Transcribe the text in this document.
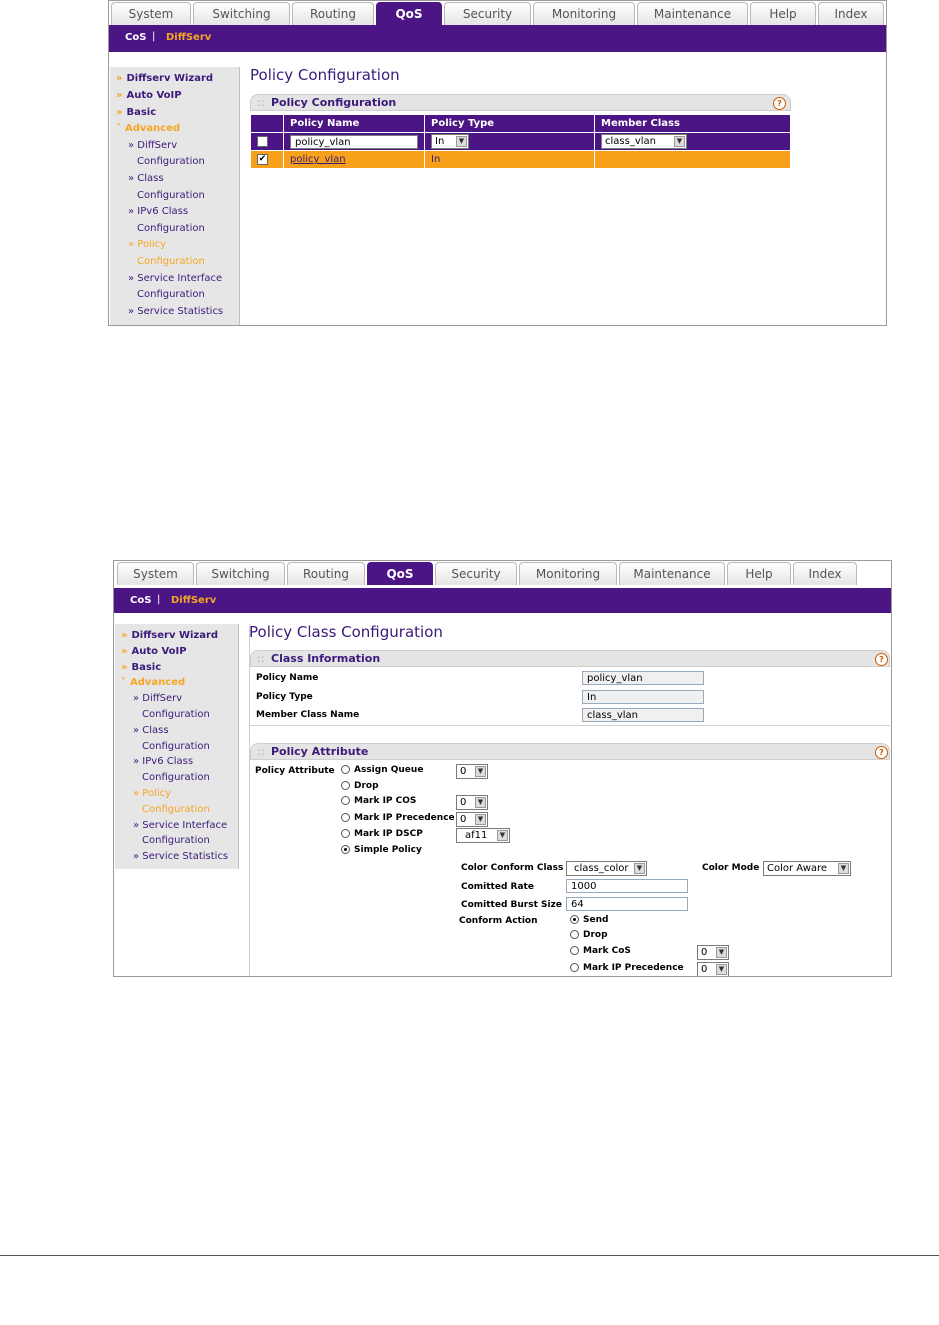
System	Switching	Routing	QoS	Security	Monitoring	Maintenance	Help	Index
CoS | DiffServ
» Diffserv Wizard
» Auto VoIP
» Basic
˅ Advanced
» DiffServ
Configuration
» Class
Configuration
» IPv6 Class
Configuration
» Policy
Configuration
» Service Interface
Configuration
» Service Statistics
Policy Configuration
:: Policy Configuration	?
	Policy Name	Policy Type	Member Class
	policy_vlan	In ▼	class_vlan ▼

✔	policy_vlan	In	
System	Switching	Routing	QoS	Security	Monitoring	Maintenance	Help	Index
CoS | DiffServ
» Diffserv Wizard
» Auto VoIP
» Basic
˅ Advanced
» DiffServ
Configuration
» Class
Configuration
» IPv6 Class
Configuration
» Policy
Configuration
» Service Interface
Configuration
» Service Statistics
Policy Class Configuration
:: Class Information	?
Policy Name	policy_vlan
Policy Type	In
Member Class Name	class_vlan
:: Policy Attribute	?
Policy Attribute	Assign Queue	0	▼
Drop
Mark IP COS	0	▼
Mark IP Precedence 0	▼
Mark IP DSCP	af11	▼
Simple Policy
Color Conform Class	class_color	▼	Color Mode Color Aware	▼
Comitted Rate	1000
Comitted Burst Size 64
Conform Action	Send
Drop
Mark CoS	0	▼
Mark IP Precedence	0	▼
